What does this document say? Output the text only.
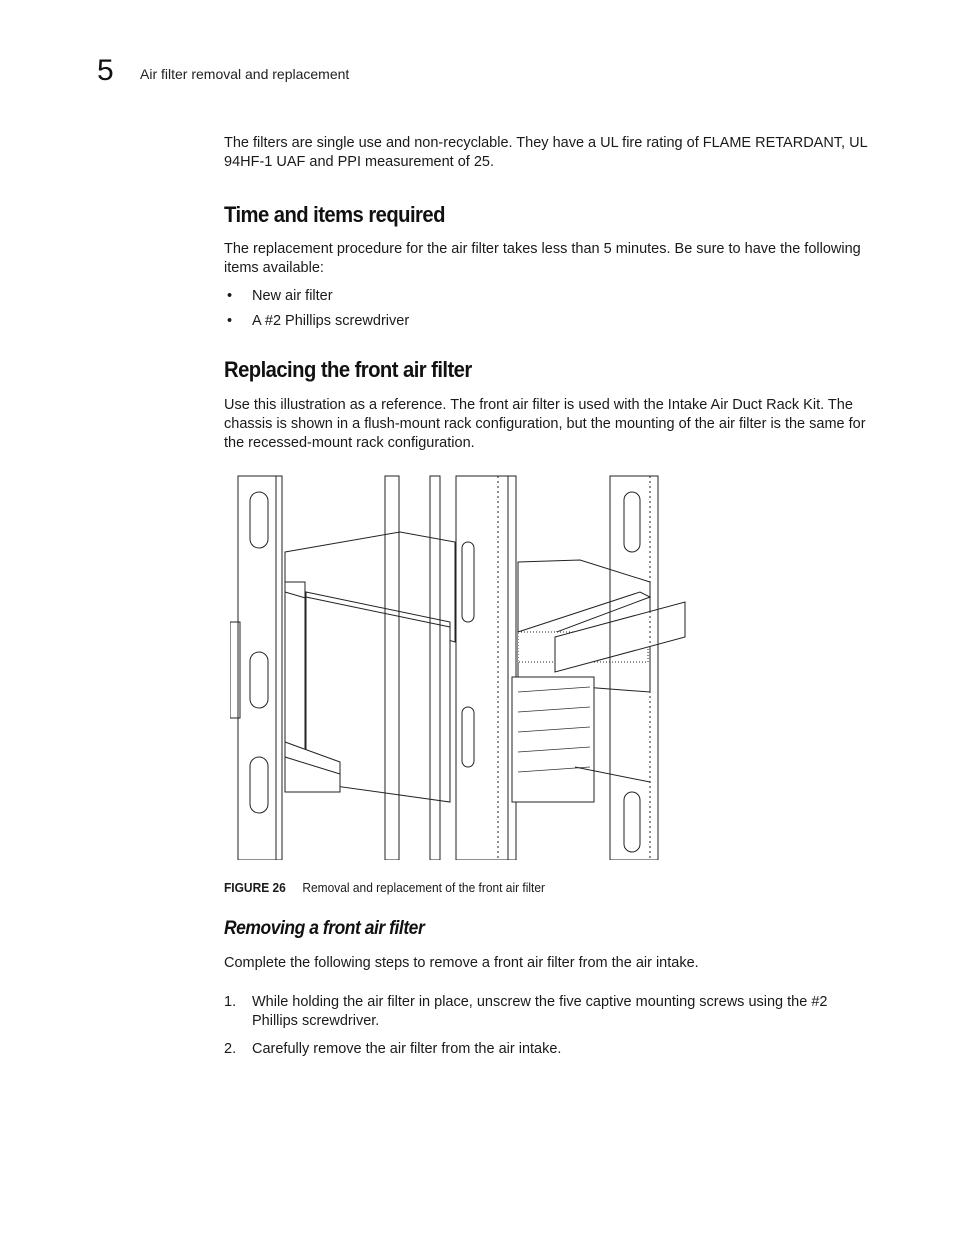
5 Air filter removal and replacement

The filters are single use and non-recyclable. They have a UL fire rating of FLAME RETARDANT, UL 94HF-1 UAF and PPI measurement of 25.

Time and items required

The replacement procedure for the air filter takes less than 5 minutes. Be sure to have the following items available:

• New air filter
• A #2 Phillips screwdriver
Replacing the front air filter

Use this illustration as a reference. The front air filter is used with the Intake Air Duct Rack Kit. The chassis is shown in a flush-mount rack configuration, but the mounting of the air filter is the same for the recessed-mount rack configuration.

FIGURE 26 Removal and replacement of the front air filter
Removing a front air filter

Complete the following steps to remove a front air filter from the air intake.

1. While holding the air filter in place, unscrew the five captive mounting screws using the #2 Phillips screwdriver.
2. Carefully remove the air filter from the air intake.
